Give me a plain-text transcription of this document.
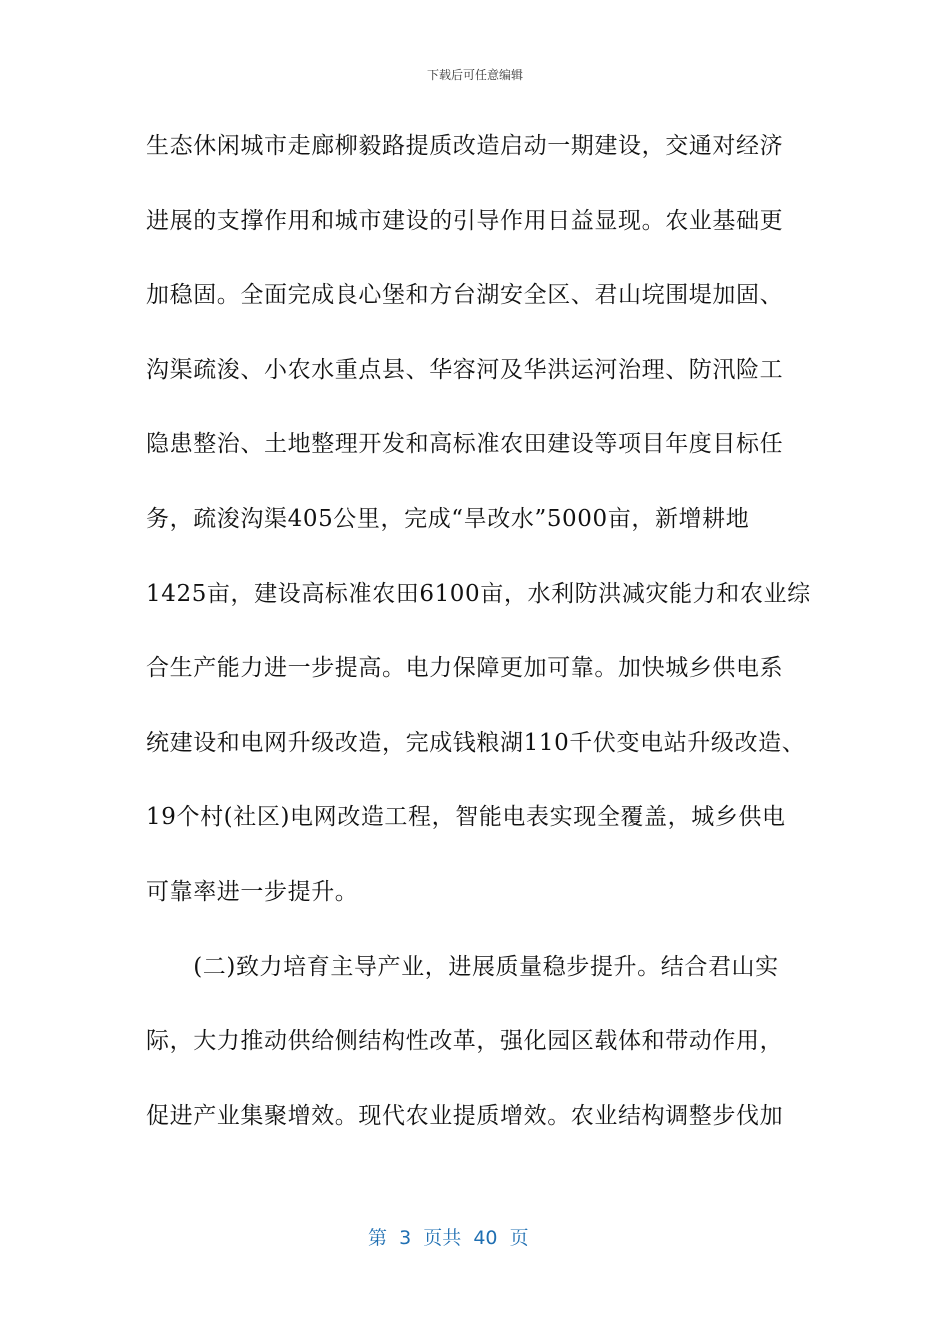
下载后可任意编辑
生态休闲城市走廊柳毅路提质改造启动一期建设，交通对经济
进展的支撑作用和城市建设的引导作用日益显现。农业基础更
加稳固。全面完成良心堡和方台湖安全区、君山垸围堤加固、
沟渠疏浚、小农水重点县、华容河及华洪运河治理、防汛险工
隐患整治、土地整理开发和高标准农田建设等项目年度目标任
务，疏浚沟渠405公里，完成“旱改水”5000亩，新增耕地
1425亩，建设高标准农田6100亩，水利防洪减灾能力和农业综
合生产能力进一步提高。电力保障更加可靠。加快城乡供电系
统建设和电网升级改造，完成钱粮湖110千伏变电站升级改造、
19个村(社区)电网改造工程，智能电表实现全覆盖，城乡供电
可靠率进一步提升。
　　(二)致力培育主导产业，进展质量稳步提升。结合君山实
际，大力推动供给侧结构性改革，强化园区载体和带动作用，
促进产业集聚增效。现代农业提质增效。农业结构调整步伐加
第  3  页共  40  页
